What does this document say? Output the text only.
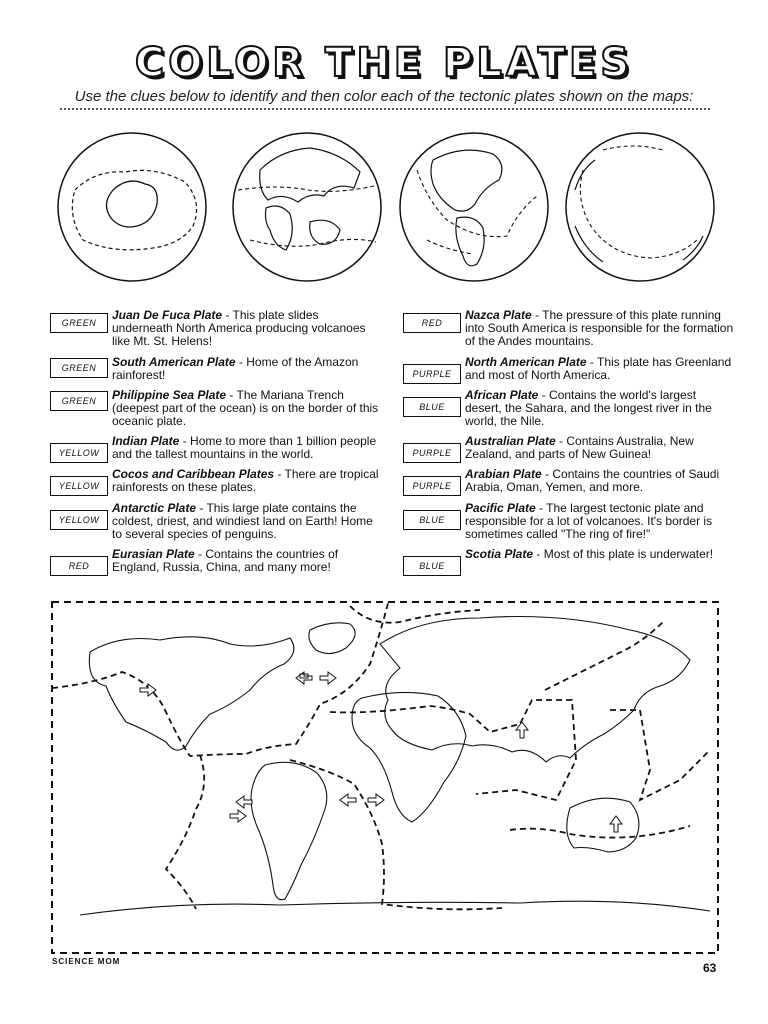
COLOR THE PLATES
Use the clues below to identify and then color each of the tectonic plates shown on the maps:
GREEN
Juan De Fuca Plate - This plate slides underneath North America producing volcanoes like Mt. St. Helens!
GREEN	South American Plate - Home of the Amazon rainforest!
GREEN	Philippine Sea Plate - The Mariana Trench (deepest part of the ocean) is on the border of this oceanic plate.
YELLOW
Indian Plate - Home to more than 1 billion people and the tallest mountains in the world.
YELLOW
Cocos and Caribbean Plates - There are tropical rainforests on these plates.
YELLOW
Antarctic Plate - This large plate contains the coldest, driest, and windiest land on Earth! Home to several species of penguins.
RED
Eurasian Plate - Contains the countries of England, Russia, China, and many more!
RED
Nazca Plate - The pressure of this plate running into South America is responsible for the formation of the Andes mountains.
PURPLE
North American Plate - This plate has Greenland and most of North America.
BLUE
African Plate - Contains the world's largest desert, the Sahara, and the longest river in the world, the Nile.
PURPLE
Australian Plate - Contains Australia, New Zealand, and parts of New Guinea!
PURPLE
Arabian Plate - Contains the countries of Saudi Arabia, Oman, Yemen, and more.
BLUE
Pacific Plate - The largest tectonic plate and responsible for a lot of volcanoes. It's border is sometimes called "The ring of fire!"
BLUE
Scotia Plate - Most of this plate is underwater!
SCIENCE MOM	63
